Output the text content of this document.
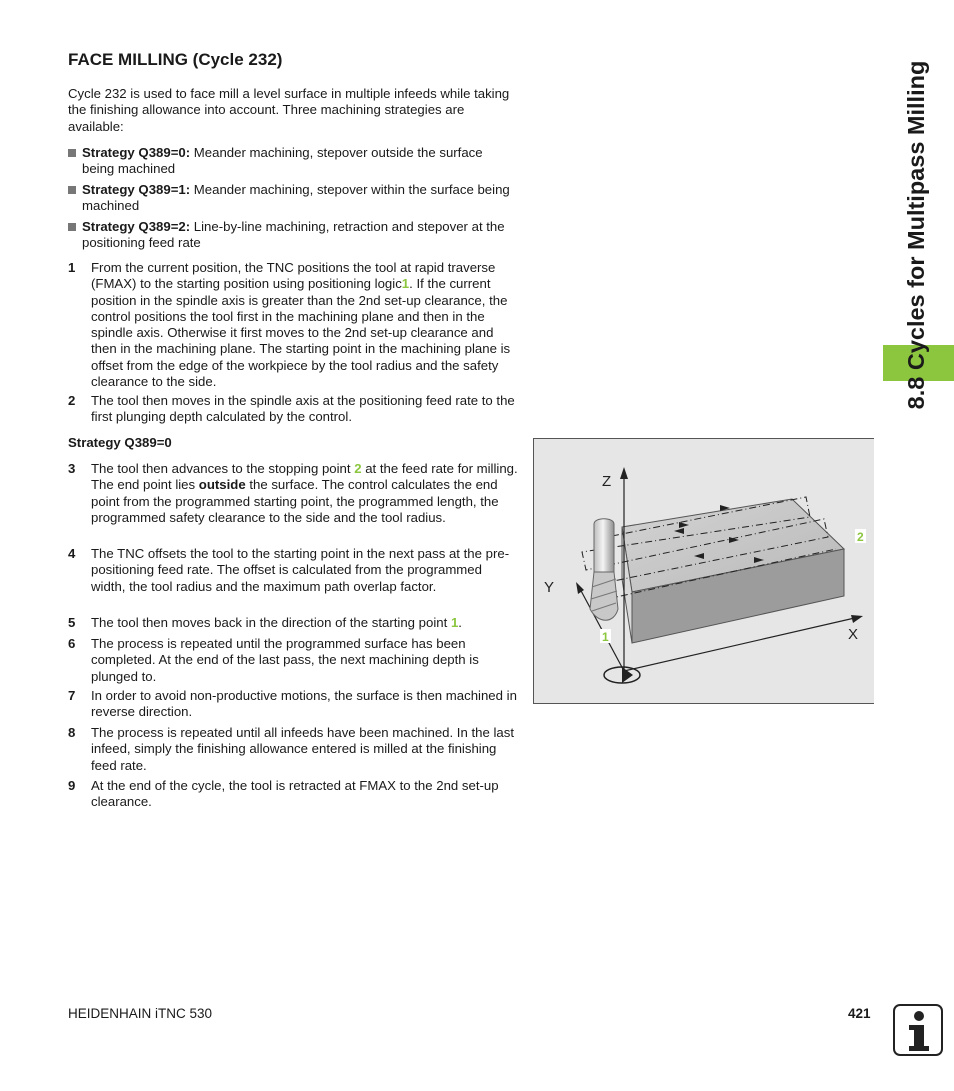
FACE MILLING (Cycle 232)

Cycle 232 is used to face mill a level surface in multiple infeeds while taking the finishing allowance into account. Three machining strategies are available:

Strategy Q389=0: Meander machining, stepover outside the surface being machined
Strategy Q389=1: Meander machining, stepover within the surface being machined
Strategy Q389=2: Line-by-line machining, retraction and stepover at the positioning feed rate
1 From the current position, the TNC positions the tool at rapid traverse (FMAX) to the starting position using positioning logic1. If the current position in the spindle axis is greater than the 2nd set-up clearance, the control positions the tool first in the machining plane and then in the spindle axis. Otherwise it first moves to the 2nd set-up clearance and then in the machining plane. The starting point in the machining plane is offset from the edge of the workpiece by the tool radius and the safety clearance to the side.
2 The tool then moves in the spindle axis at the positioning feed rate to the first plunging depth calculated by the control.
Strategy Q389=0
3 The tool then advances to the stopping point 2 at the feed rate for milling. The end point lies outside the surface. The control calculates the end point from the programmed starting point, the programmed length, the programmed safety clearance to the side and the tool radius.
4 The TNC offsets the tool to the starting point in the next pass at the pre-positioning feed rate. The offset is calculated from the programmed width, the tool radius and the maximum path overlap factor.
5 The tool then moves back in the direction of the starting point 1.
6 The process is repeated until the programmed surface has been completed. At the end of the last pass, the next machining depth is plunged to.
7 In order to avoid non-productive motions, the surface is then machined in reverse direction.
8 The process is repeated until all infeeds have been machined. In the last infeed, simply the finishing allowance entered is milled at the finishing feed rate.
9 At the end of the cycle, the tool is retracted at FMAX to the 2nd set-up clearance.
8.8 Cycles for Multipass Milling
Z
Y
X
1
2
HEIDENHAIN iTNC 530	421
